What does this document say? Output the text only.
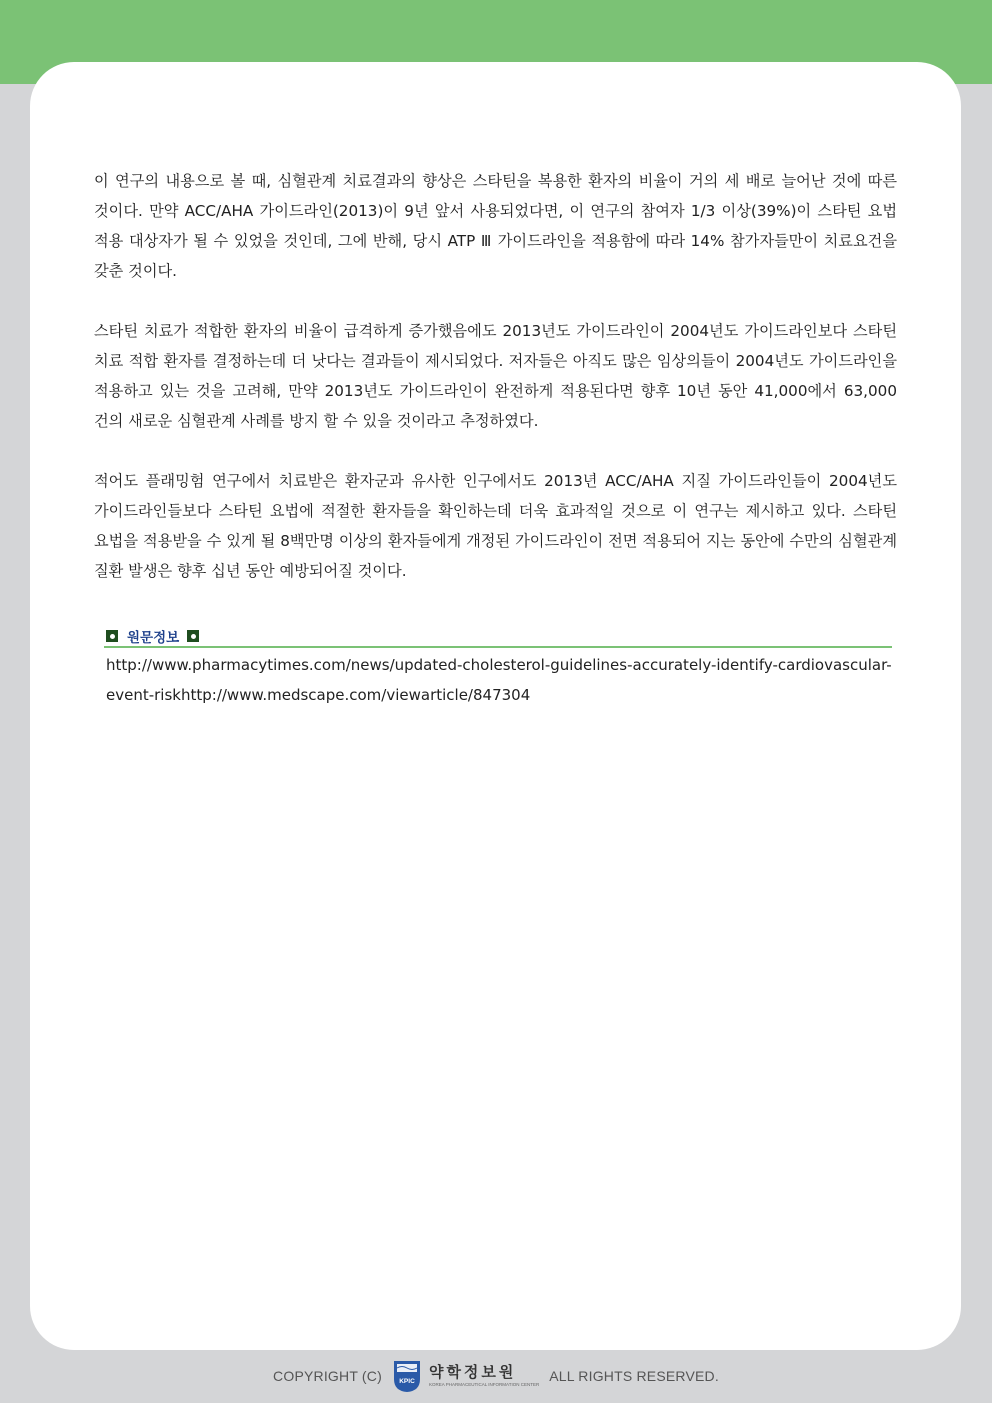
이 연구의 내용으로 볼 때, 심혈관계 치료결과의 향상은 스타틴을 복용한 환자의 비율이 거의 세 배로 늘어난 것에 따른 것이다. 만약 ACC/AHA 가이드라인(2013)이 9년 앞서 사용되었다면, 이 연구의 참여자 1/3 이상(39%)이 스타틴 요법 적용 대상자가 될 수 있었을 것인데, 그에 반해, 당시 ATP Ⅲ 가이드라인을 적용함에 따라 14% 참가자들만이 치료요건을 갖춘 것이다.

스타틴 치료가 적합한 환자의 비율이 급격하게 증가했음에도 2013년도 가이드라인이 2004년도 가이드라인보다 스타틴 치료 적합 환자를 결정하는데 더 낫다는 결과들이 제시되었다. 저자들은 아직도 많은 임상의들이 2004년도 가이드라인을 적용하고 있는 것을 고려해, 만약 2013년도 가이드라인이 완전하게 적용된다면 향후 10년 동안 41,000에서 63,000 건의 새로운 심혈관계 사례를 방지 할 수 있을 것이라고 추정하였다.

적어도 플래밍험 연구에서 치료받은 환자군과 유사한 인구에서도 2013년 ACC/AHA 지질 가이드라인들이 2004년도 가이드라인들보다 스타틴 요법에 적절한 환자들을 확인하는데 더욱 효과적일 것으로 이 연구는 제시하고 있다. 스타틴 요법을 적용받을 수 있게 될 8백만명 이상의 환자들에게 개정된 가이드라인이 전면 적용되어 지는 동안에 수만의 심혈관계 질환 발생은 향후 십년 동안 예방되어질 것이다.

원문정보
http://www.pharmacytimes.com/news/updated-cholesterol-guidelines-accurately-identify-cardiovascular-event-riskhttp://www.medscape.com/viewarticle/847304
COPYRIGHT (C)	KPIC
약학정보원
KOREA PHARMACEUTICAL INFORMATION CENTER ALL RIGHTS RESERVED.
